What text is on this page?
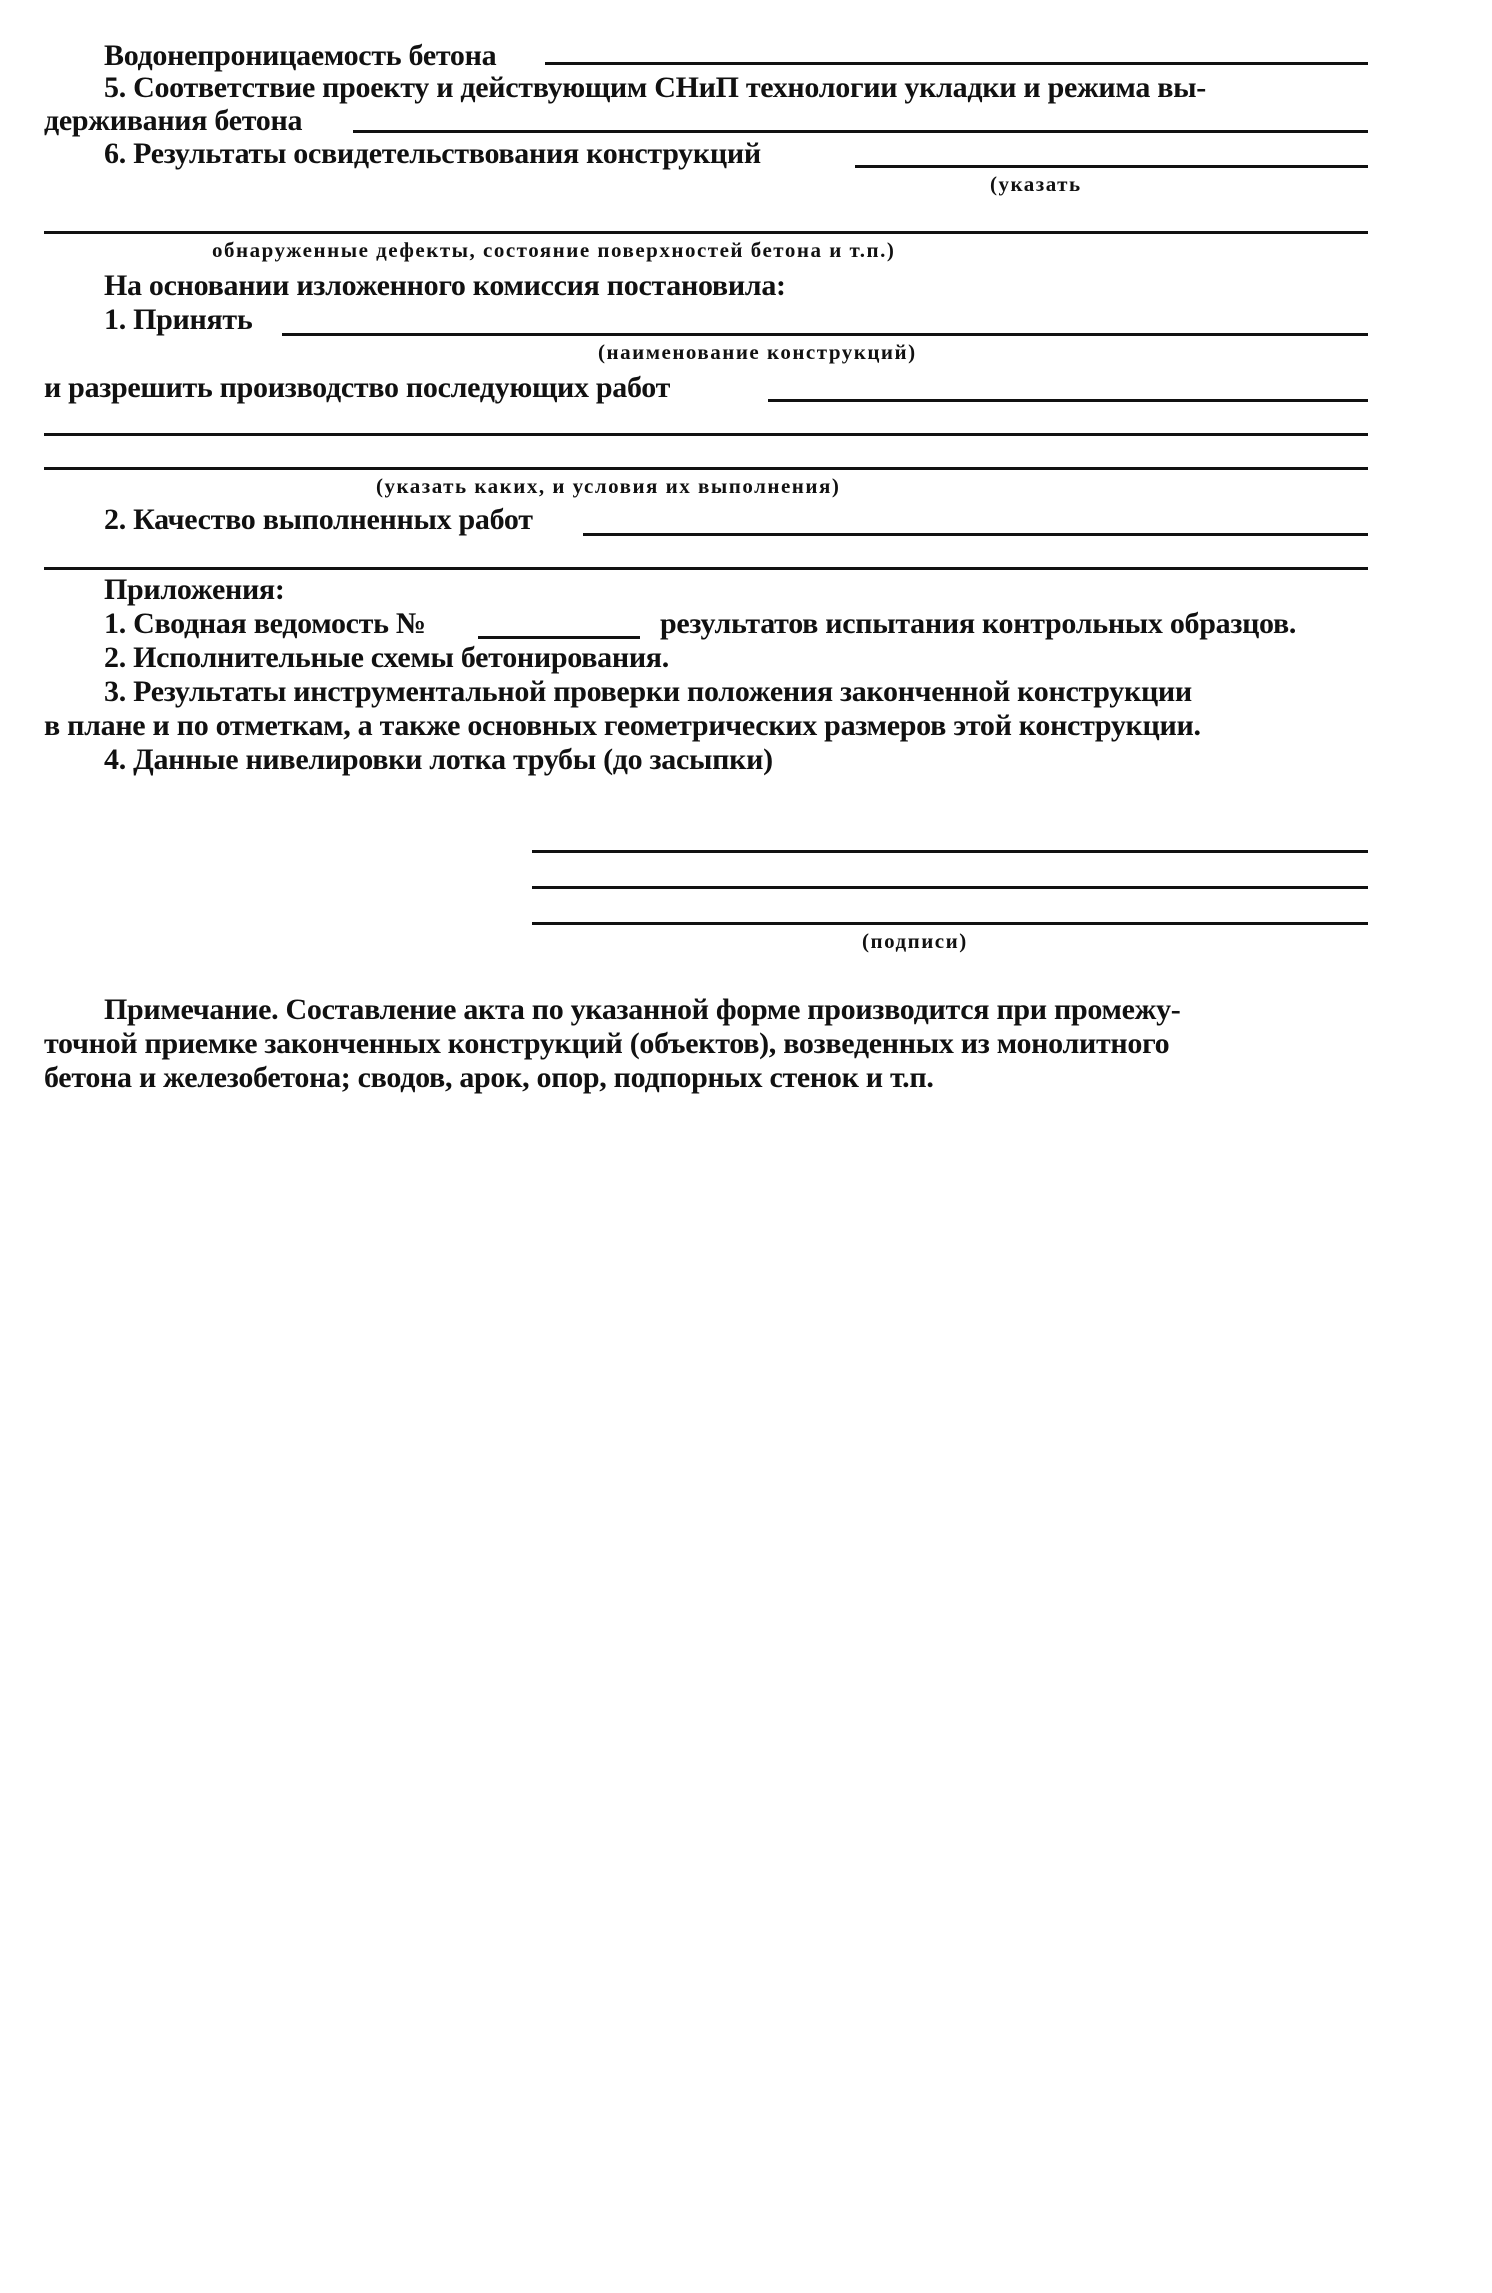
Водонепроницаемость бетона
5. Соответствие проекту и действующим СНиП технологии укладки и режима вы-
держивания бетона
6. Результаты освидетельствования конструкций
(указать
обнаруженные дефекты, состояние поверхностей бетона и т.п.)
На основании изложенного комиссия постановила:
1. Принять
(наименование конструкций)
и разрешить производство последующих работ
(указать каких, и условия их выполнения)
2. Качество выполненных работ
Приложения:
1. Сводная ведомость №	результатов испытания контрольных образцов.
2. Исполнительные схемы бетонирования.
3. Результаты инструментальной проверки положения законченной конструкции
в плане и по отметкам, а также основных геометрических размеров этой конструкции.
4. Данные нивелировки лотка трубы (до засыпки)
(подписи)
Примечание. Составление акта по указанной форме производится при промежу-
точной приемке законченных конструкций (объектов), возведенных из монолитного
бетона и железобетона; сводов, арок, опор, подпорных стенок и т.п.
